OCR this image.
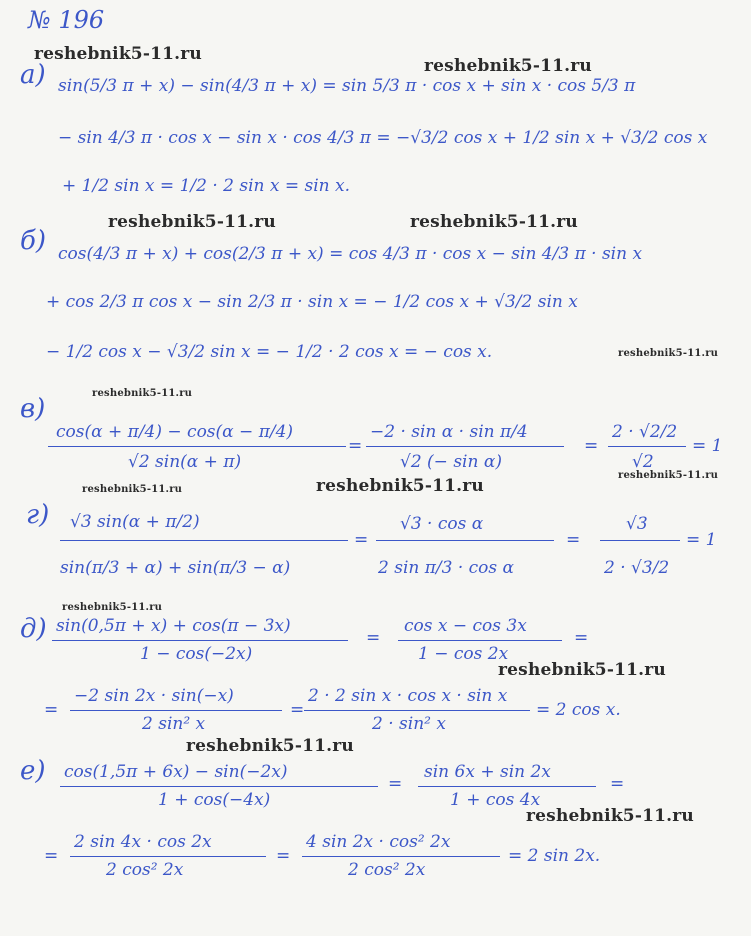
№ 196
а) sin(5/3 π + x) − sin(4/3 π + x) = sin 5/3 π · cos x + sin x · cos 5/3 π
− sin 4/3 π · cos x − sin x · cos 4/3 π = −√3/2 cos x + 1/2 sin x + √3/2 cos x
+ 1/2 sin x = 1/2 · 2 sin x = sin x.
б) cos(4/3 π + x) + cos(2/3 π + x) = cos 4/3 π · cos x − sin 4/3 π · sin x
+ cos 2/3 π cos x − sin 2/3 π · sin x = − 1/2 cos x + √3/2 sin x
− 1/2 cos x − √3/2 sin x = − 1/2 · 2 cos x = − cos x.
в)
cos(α + π/4) − cos(α − π/4)
√2 sin(α + π)
=
−2 · sin α · sin π/4
√2 (− sin α)
=
2 · √2/2
√2
= 1
г) √3 sin(α + π/2)
sin(π/3 + α) + sin(π/3 − α)
=
√3 · cos α
2 sin π/3 · cos α
=
√3
2 · √3/2
= 1
д) sin(0,5π + x) + cos(π − 3x)
1 − cos(−2x)
=
cos x − cos 3x
1 − cos 2x
=
=
−2 sin 2x · sin(−x)
2 sin² x
=
2 · 2 sin x · cos x · sin x
2 · sin² x
= 2 cos x.
е) cos(1,5π + 6x) − sin(−2x)
1 + cos(−4x)
=
sin 6x + sin 2x
1 + cos 4x
=
=
2 sin 4x · cos 2x
2 cos² 2x
=
4 sin 2x · cos² 2x
2 cos² 2x
= 2 sin 2x.
reshebnik5-11.ru
reshebnik5-11.ru
reshebnik5-11.ru	reshebnik5-11.ru
reshebnik5-11.ru
reshebnik5-11.ru
reshebnik5-11.ru
reshebnik5-11.ru	reshebnik5-11.ru
reshebnik5-11.ru
reshebnik5-11.ru
reshebnik5-11.ru
reshebnik5-11.ru
